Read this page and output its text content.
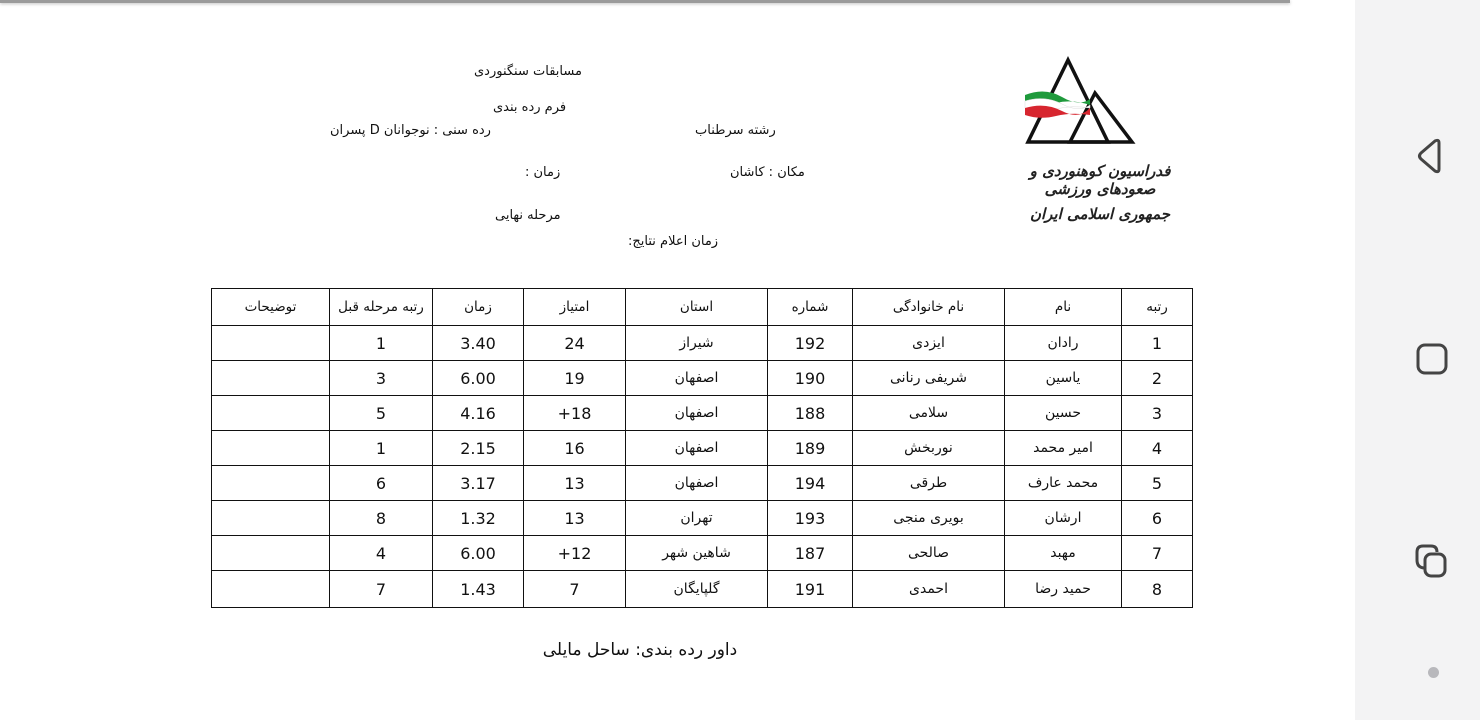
مسابقات سنگنوردی
فرم رده بندی
رده سنی : نوجوانان D پسران	رشته سرطناب
زمان :	مکان : کاشان
مرحله نهایی
زمان اعلام نتایج:
فدراسیون کوهنوردی و صعودهای ورزشی
جمهوری اسلامی ایران
رتبه	نام	نام خانوادگی	شماره	استان	امتیاز	زمان	رتبه مرحله قبل	توضیحات
1	رادان	ایزدی	192	شیراز	24	3.40	1	
2	یاسین	شریفی رنانی	190	اصفهان	19	6.00	3	
3	حسین	سلامی	188	اصفهان	18+	4.16	5	
4	امیر محمد	نوربخش	189	اصفهان	16	2.15	1	
5	محمد عارف	طرقی	194	اصفهان	13	3.17	6	
6	ارشان	بویری منجی	193	تهران	13	1.32	8	
7	مهبد	صالحی	187	شاهین شهر	12+	6.00	4	
8	حمید رضا	احمدی	191	گلپایگان	7	1.43	7	
داور رده بندی: ساحل مایلی
